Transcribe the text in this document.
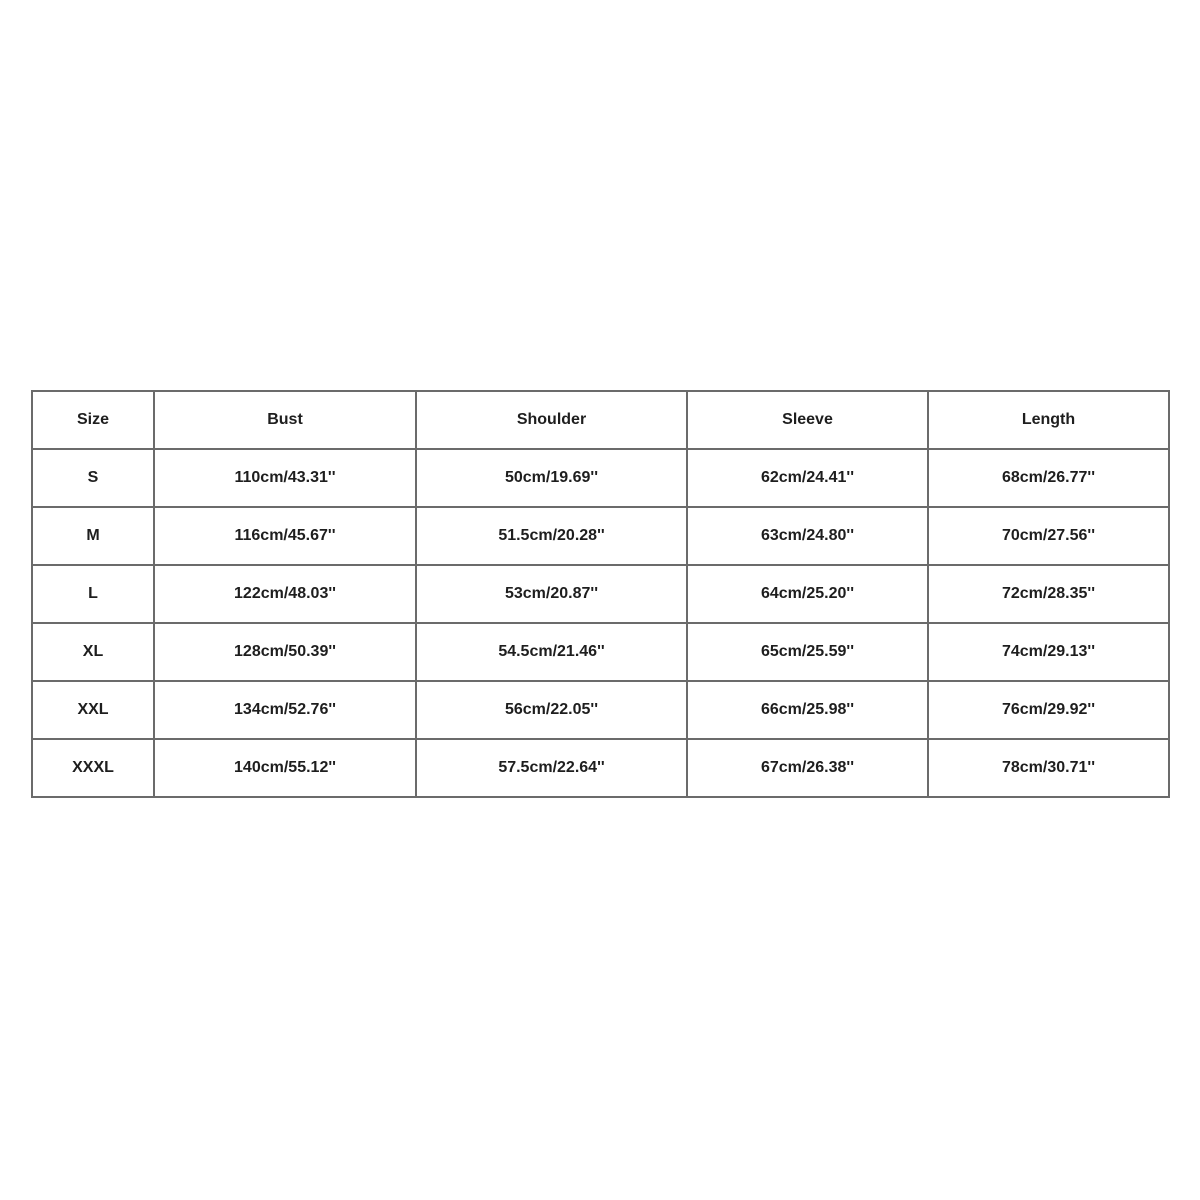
Size	Bust	Shoulder	Sleeve	Length
S	110cm/43.31''	50cm/19.69''	62cm/24.41''	68cm/26.77''
M	116cm/45.67''	51.5cm/20.28''	63cm/24.80''	70cm/27.56''
L	122cm/48.03''	53cm/20.87''	64cm/25.20''	72cm/28.35''
XL	128cm/50.39''	54.5cm/21.46''	65cm/25.59''	74cm/29.13''
XXL	134cm/52.76''	56cm/22.05''	66cm/25.98''	76cm/29.92''
XXXL	140cm/55.12''	57.5cm/22.64''	67cm/26.38''	78cm/30.71''
